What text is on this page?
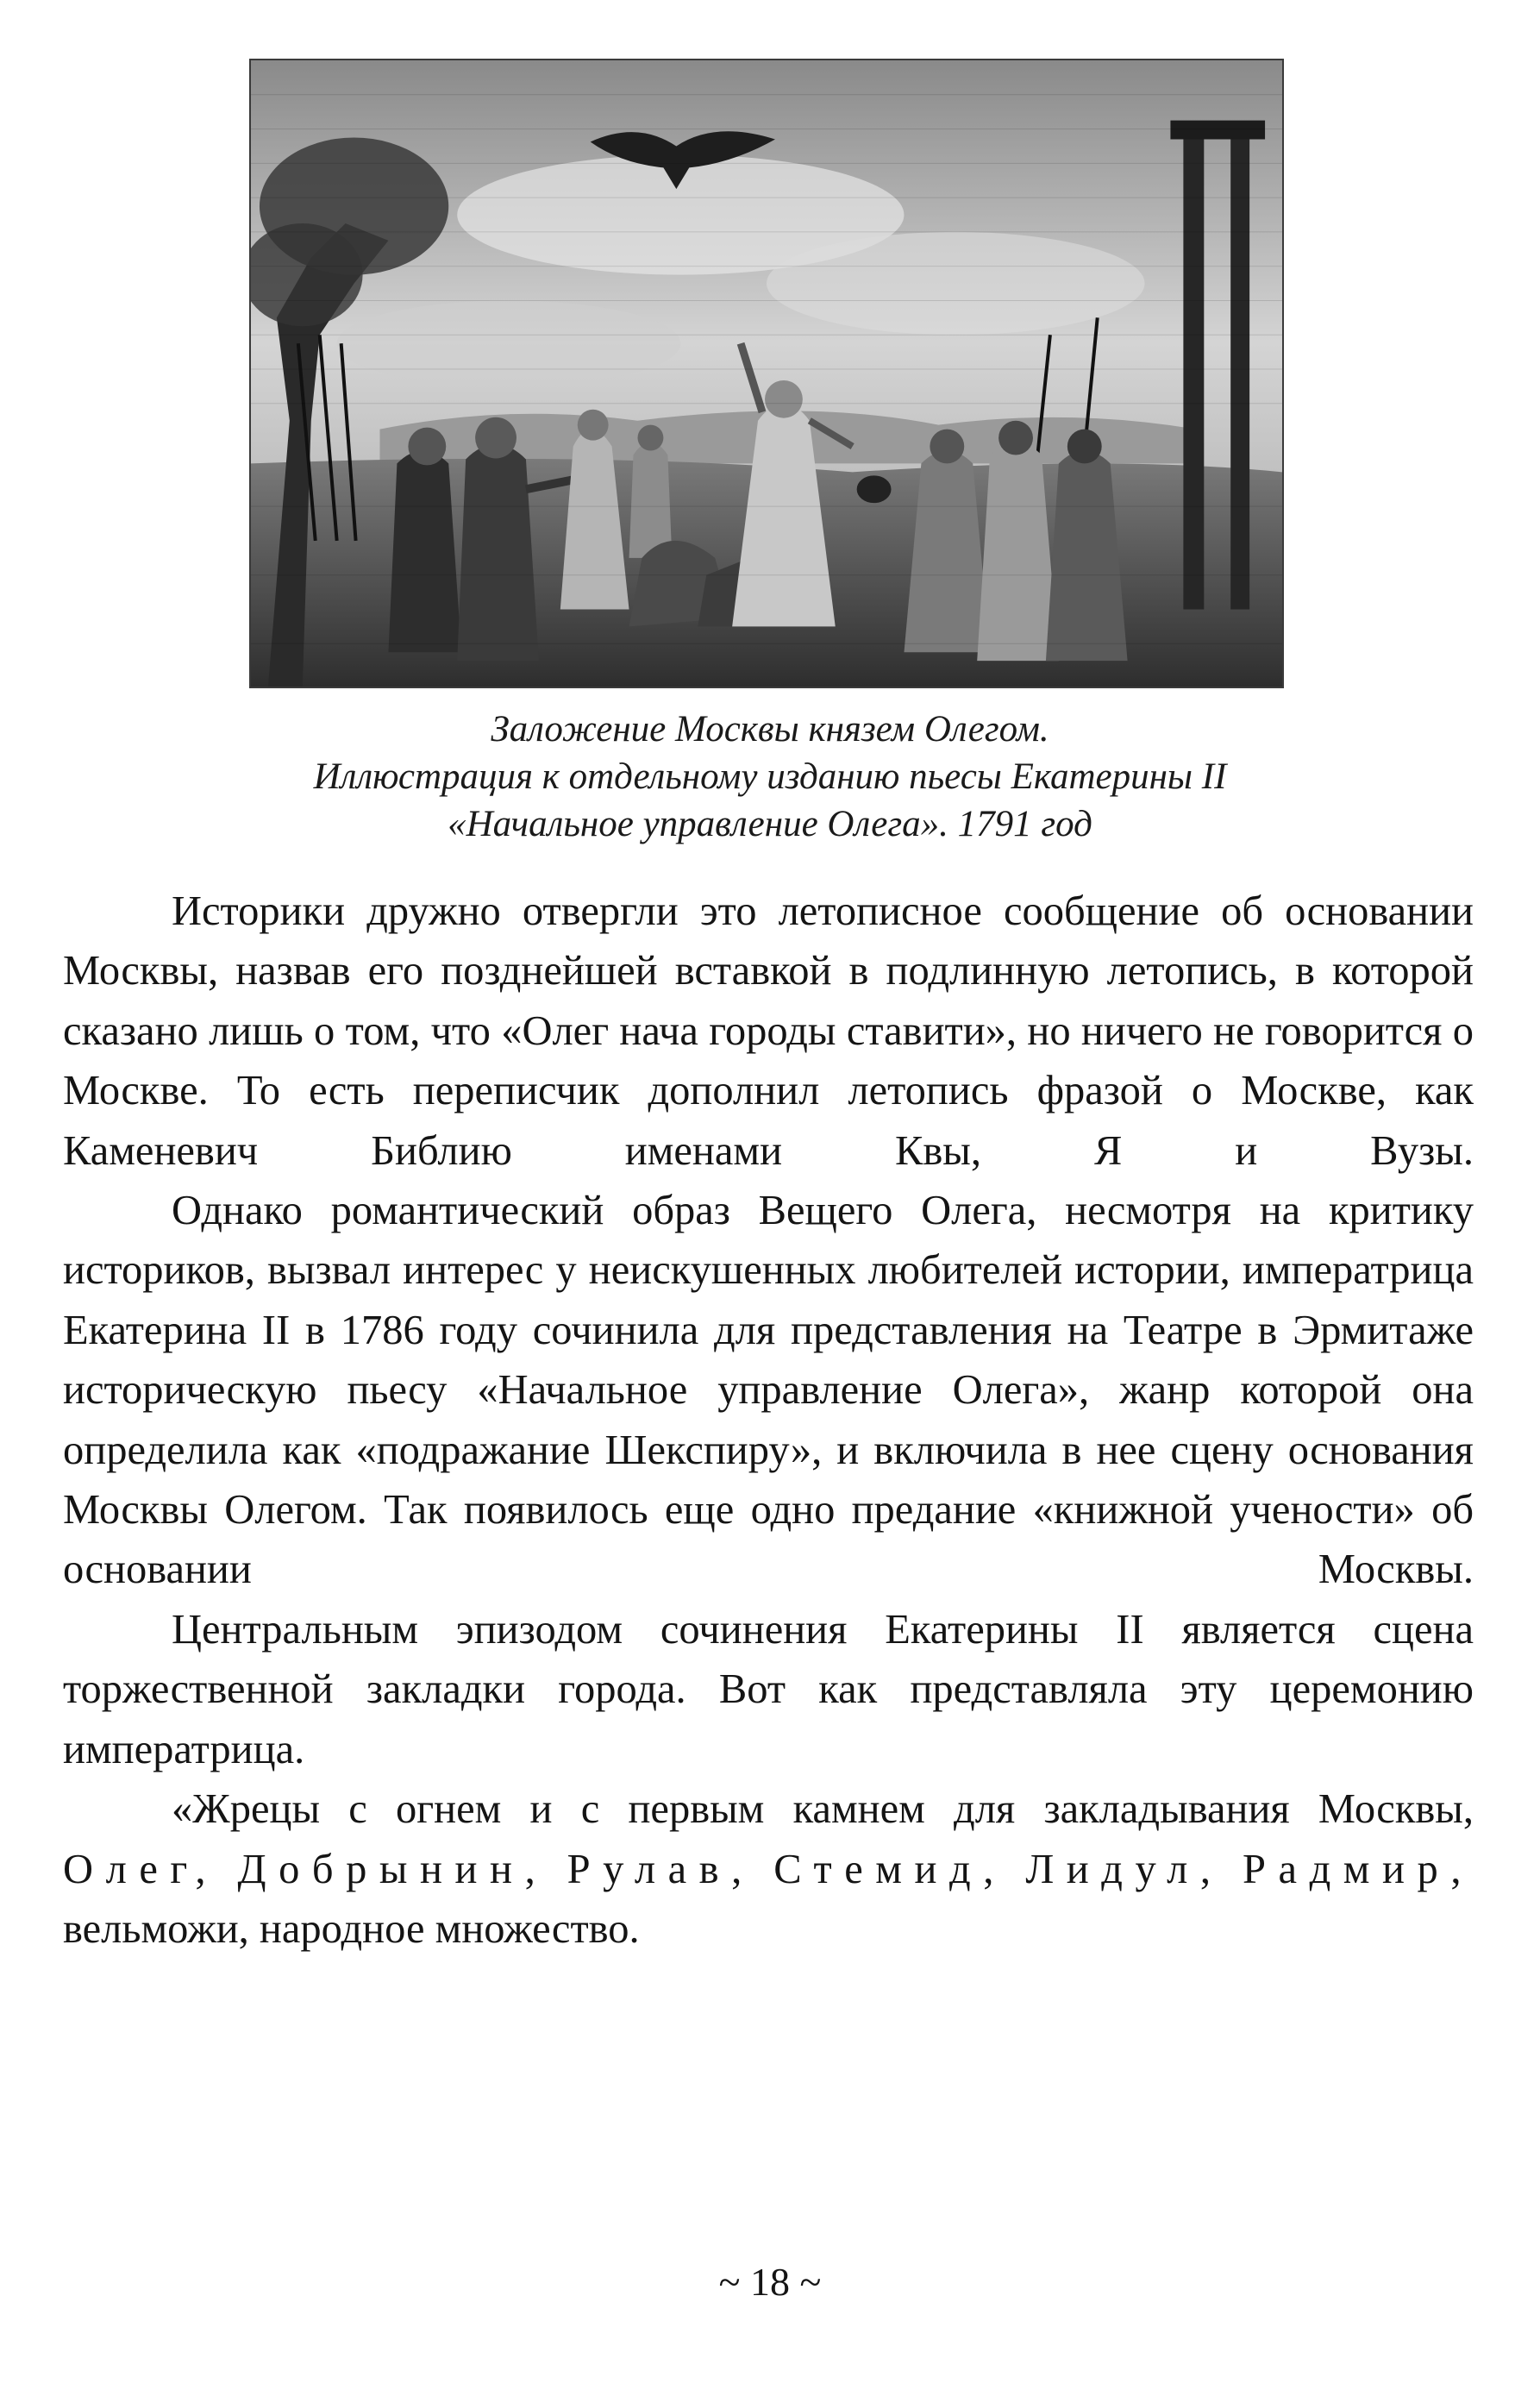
Заложение Москвы князем Олегом.
Иллюстрация к отдельному изданию пьесы Екатерины II
«Начальное управление Олега». 1791 год

Историки дружно отвергли это летописное сообщение об основании Москвы, назвав его позднейшей вставкой в подлинную летопись, в которой сказано лишь о том, что «Олег нача городы ставити», но ничего не говорится о Москве. То есть переписчик дополнил летопись фразой о Москве, как Каменевич Библию именами Квы, Я и Вузы.

Однако романтический образ Вещего Олега, несмотря на критику историков, вызвал интерес у неискушенных любителей истории, императрица Екатерина II в 1786 году сочинила для представления на Театре в Эрмитаже историческую пьесу «Начальное управление Олега», жанр которой она определила как «подражание Шекспиру», и включила в нее сцену основания Москвы Олегом. Так появилось еще одно предание «книжной учености» об основании Москвы.

Центральным эпизодом сочинения Екатерины II является сцена торжественной закладки города. Вот как представляла эту церемонию императрица.

«Жрецы с огнем и с первым камнем для закладывания Москвы, Олег, Добрынин, Рулав, Стемид, Лидул, Радмир, вельможи, народное множество.

~ 18 ~
